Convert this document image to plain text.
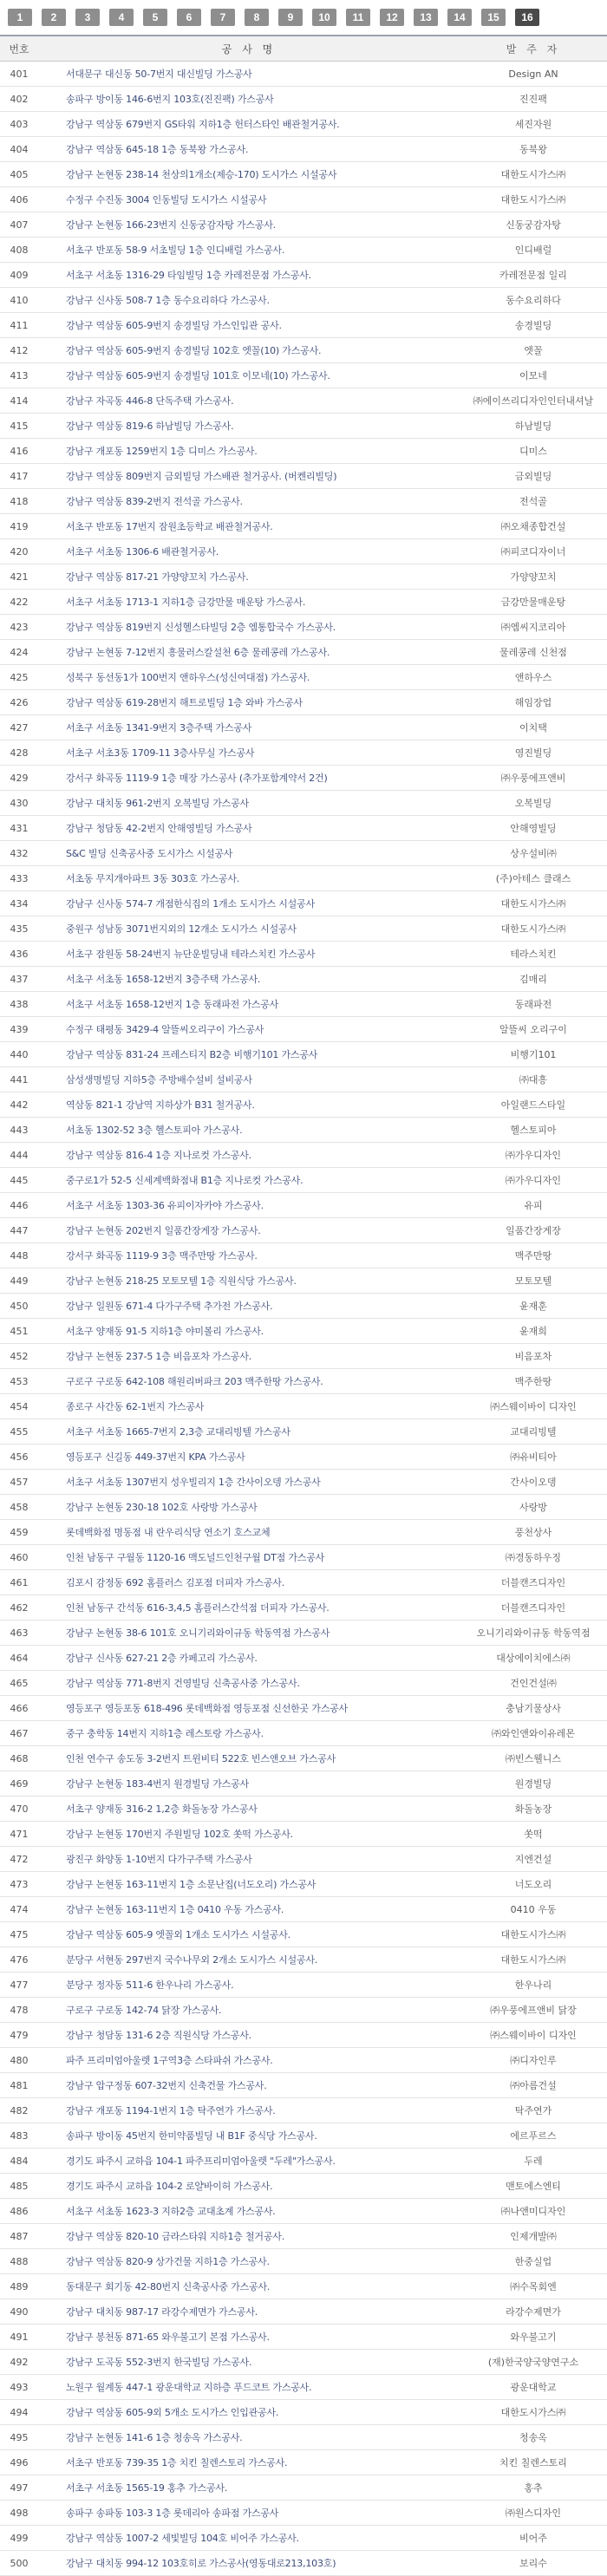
1	2	3	4	5	6	7	8	9	10	11	12	13	14	15	16
번호	공 사 명	발 주 자
401	서대문구 대신동 50-7번지 대신빌딩 가스공사	Design AN
402	송파구 방이동 146-6번지 103호(진진팩) 가스공사	진진팩
403	강남구 역삼동 679번지 GS타워 지하1층 헌터스타인 배관철거공사.	세진자원
404	강남구 역삼동 645-18 1층 동북왕 가스공사.	동북왕
405	강남구 논현동 238-14 천상의1개소(제승-170) 도시가스 시설공사	대한도시가스㈜
406	수정구 수진동 3004 인동빌딩 도시가스 시설공사	대한도시가스㈜
407	강남구 논현동 166-23번지 신동궁감자탕 가스공사.	신동궁감자탕
408	서초구 반포동 58-9 서초빌딩 1층 인디배럴 가스공사.	인디배럴
409	서초구 서초동 1316-29 타임빌딩 1층 카레전문점 가스공사.	카레전문점 일리
410	강남구 신사동 508-7 1층 동수요리하다 가스공사.	동수요리하다
411	강남구 역삼동 605-9번지 송경빌딩 가스인입관 공사.	송경빌딩
412	강남구 역삼동 605-9번지 송경빌딩 102호 엣꼴(10) 가스공사.	엣꼴
413	강남구 역삼동 605-9번지 송경빌딩 101호 이모네(10) 가스공사.	이모네
414	강남구 자곡동 446-8 단독주택 가스공사.	㈜에이쓰리디자인인터내셔날
415	강남구 역삼동 819-6 하남빌딩 가스공사.	하남빌딩
416	강남구 개포동 1259번지 1층 디미스 가스공사.	디미스
417	강남구 역삼동 809번지 금외빌딩 가스배관 철거공사. (버켄리빌딩)	금외빌딩
418	강남구 역삼동 839-2번지 전석골 가스공사.	전석골
419	서초구 반포동 17번지 잠원초등학교 배관철거공사.	㈜오채종합건설
420	서초구 서초동 1306-6 배관철거공사.	㈜피코디자이너
421	강남구 역삼동 817-21 가양양꼬치 가스공사.	가양양꼬치
422	서초구 서초동 1713-1 지하1층 금강만물 매운탕 가스공사.	금강만물매운탕
423	강남구 역삼동 819번지 신성헬스타빌딩 2층 엠통합국수 가스공사.	㈜엠씨지코리아
424	강남구 논현동 7-12번지 흥물러스칼설천 6층 물레콩레 가스공사.	물레콩레 신천점
425	성북구 동선동1가 100번지 앤하우스(성신여대점) 가스공사.	앤하우스
426	강남구 역삼동 619-28번지 해트로빌딩 1층 와바 가스공사	해임장업
427	서초구 서초동 1341-9번지 3층주택 가스공사	이치택
428	서초구 서초3동 1709-11 3층사무실 가스공사	영진빌딩
429	강서구 화곡동 1119-9 1층 매장 가스공사 (추가포함계약서 2건)	㈜우풍에프앤비
430	강남구 대치동 961-2번지 오복빌딩 가스공사	오복빌딩
431	강남구 청담동 42-2번지 안해영빌딩 가스공사	안해영빌딩
432	S&C 빌딩 신축공사중 도시가스 시설공사	상우설비㈜
433	서초동 무지개아파트 3동 303호 가스공사.	(주)아테스 클래스
434	강남구 신사동 574-7 개점한식집의 1개소 도시가스 시설공사	대한도시가스㈜
435	중원구 성남동 3071번지외의 12개소 도시가스 시설공사	대한도시가스㈜
436	서초구 잠원동 58-24번지 뉴단운빌딩내 테라스치킨 가스공사	테라스치킨
437	서초구 서초동 1658-12번지 3층주택 가스공사.	김매리
438	서초구 서초동 1658-12번지 1층 동래파전 가스공사	동래파전
439	수정구 태평동 3429-4 알뜰씨오리구이 가스공사	알뜰씨 오리구이
440	강남구 역삼동 831-24 프레스티지 B2층 비행기101 가스공사	비행기101
441	삼성생명빌딩 지하5층 주방배수설비 설비공사	㈜대흥
442	역삼동 821-1 강남역 지하상가 B31 철거공사.	아일랜드스타일
443	서초동 1302-52 3층 헬스토피아 가스공사.	헬스토피아
444	강남구 역삼동 816-4 1층 지나로컷 가스공사.	㈜가우디자인
445	중구로1가 52-5 신세계백화점내 B1층 지나로컷 가스공사.	㈜가우디자인
446	서초구 서초동 1303-36 유피이자카야 가스공사.	유피
447	강남구 논현동 202번지 일품간장게장 가스공사.	일품간장게장
448	강서구 화곡동 1119-9 3층 맥주만땅 가스공사.	맥주만땅
449	강남구 논현동 218-25 모토모텔 1층 직원식당 가스공사.	모토모텔
450	강남구 일원동 671-4 다가구주택 추가전 가스공사.	윤재훈
451	서초구 양재동 91-5 지하1층 야미볼리 가스공사.	윤재희
452	강남구 논현동 237-5 1층 비음포차 가스공사.	비음포차
453	구로구 구로동 642-108 해원리버파크 203 맥주한땅 가스공사.	맥주한땅
454	종로구 사간동 62-1번지 가스공사	㈜스웨이바이 디자인
455	서초구 서초동 1665-7번지 2,3층 교대리빙텔 가스공사	교대리빙텔
456	영등포구 신길동 449-37번지 KPA 가스공사	㈜유비티아
457	서초구 서초동 1307번지 성우빌리지 1층 간사이오뎅 가스공사	간사이오뎅
458	강남구 논현동 230-18 102호 사랑방 가스공사	사랑방
459	롯데백화점 명동점 내 란우리식당 연소기 호스교체	풍천상사
460	인천 남동구 구월동 1120-16 맥도널드인천구월 DT점 가스공사	㈜경동하우징
461	김포시 감정동 692 홈플러스 김포점 더피자 가스공사.	더블캔즈디자인
462	인천 남동구 간석동 616-3,4,5 홈플러스간석점 더피자 가스공사.	더블캔즈디자인
463	강남구 논현동 38-6 101호 오니기리와이규동 학동역점 가스공사	오니기리와이규동 학동역점
464	강남구 신사동 627-21 2층 카페고리 가스공사.	대상에이치에스㈜
465	강남구 역삼동 771-8번지 건영빌딩 신축공사중 가스공사.	건인건설㈜
466	영등포구 영등포동 618-496 롯데백화점 영등포점 신선한곳 가스공사	충남기물상사
467	중구 충학동 14번지 지하1층 레스토랑 가스공사.	㈜와인앤와이유레몬
468	인천 연수구 송도동 3-2번지 트윈비티 522호 빈스앤오브 가스공사	㈜빈스웰니스
469	강남구 논현동 183-4번지 원경빌딩 가스공사	원경빌딩
470	서초구 양재동 316-2 1,2층 화돌농장 가스공사	화돌농장
471	강남구 논현동 170번지 주원빌딩 102호 쏫떡 가스공사.	쏫떡
472	광진구 화양동 1-10번지 다가구주택 가스공사	지엔건설
473	강남구 논현동 163-11번지 1층 소문난집(너도오리) 가스공사	너도오리
474	강남구 논현동 163-11번지 1층 0410 우동 가스공사.	0410 우동
475	강남구 역삼동 605-9 엣꼴외 1개소 도시가스 시설공사.	대한도시가스㈜
476	분당구 서현동 297번지 국수나무외 2개소 도시가스 시설공사.	대한도시가스㈜
477	분당구 정자동 511-6 한우나리 가스공사.	한우나리
478	구로구 구로동 142-74 닭장 가스공사.	㈜우풍에프앤비 닭장
479	강남구 청담동 131-6 2층 직원식당 가스공사.	㈜스웨이바이 디자인
480	파주 프리미엄아울렛 1구역3층 스타파쉬 가스공사.	㈜디자인루
481	강남구 압구정동 607-32번지 신축건물 가스공사.	㈜아름건설
482	강남구 개포동 1194-1번지 1층 탁주연가 가스공사.	탁주연가
483	송파구 방이동 45번지 한미약품빌딩 내 B1F 중식당 가스공사.	에르푸르스
484	경기도 파주시 교하읍 104-1 파주프리미엄아울렛 "두레"가스공사.	두레
485	경기도 파주시 교하읍 104-2 로얄바이허 가스공사.	맨토에스엔티
486	서초구 서초동 1623-3 지하2층 교대초계 가스공사.	㈜나앤미디자인
487	강남구 역삼동 820-10 금라스타워 지하1층 철거공사.	인제개발㈜
488	강남구 역삼동 820-9 상가건물 지하1층 가스공사.	한중실업
489	동대문구 회기동 42-80번지 신축공사중 가스공사.	㈜수목회엔
490	강남구 대치동 987-17 라강수제면가 가스공사.	라강수제면가
491	강남구 봉천동 871-65 와우불고기 본점 가스공사.	와우불고기
492	강남구 도곡동 552-3번지 한국빌딩 가스공사.	(재)한국양국양연구소
493	노원구 월계동 447-1 광운대학교 지하층 푸드코트 가스공사.	광운대학교
494	강남구 역삼동 605-9외 5개소 도시가스 인입관공사.	대한도시가스㈜
495	강남구 논현동 141-6 1층 청송옥 가스공사.	청송옥
496	서초구 반포동 739-35 1층 치킨 칠렌스토리 가스공사.	치킨 칠렌스토리
497	서초구 서초동 1565-19 홍추 가스공사.	홍추
498	송파구 송파동 103-3 1층 롯데리아 송파점 가스공사	㈜원스디자인
499	강남구 역삼동 1007-2 세빛빌딩 104호 비어주 가스공사.	비어주
500	강남구 대치동 994-12 103호히로 가스공사(영동대로213,103호)	보리수
